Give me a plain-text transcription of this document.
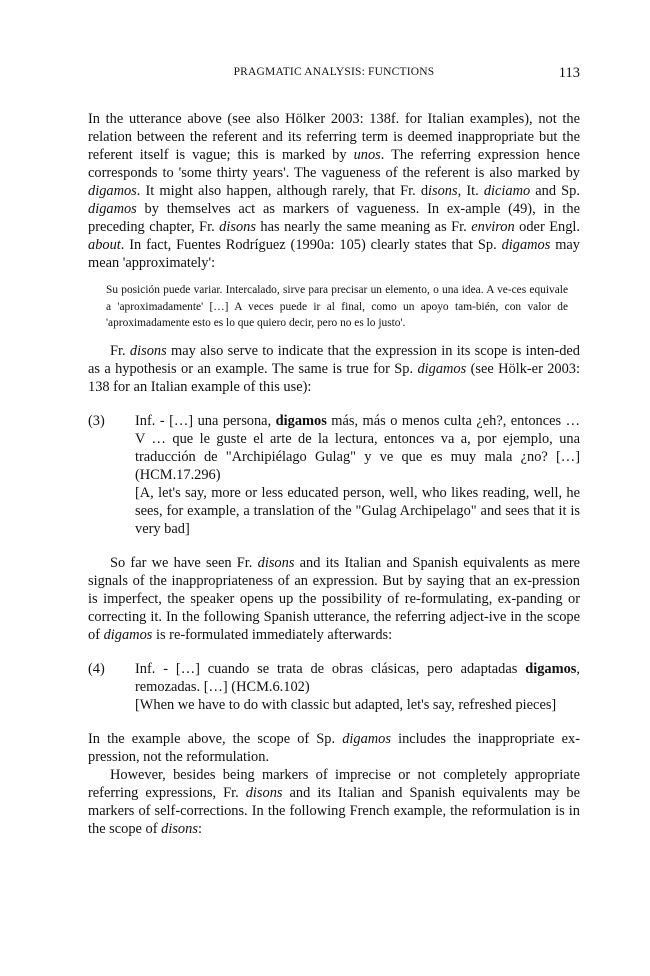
PRAGMATIC ANALYSIS: FUNCTIONS	113

In the utterance above (see also Hölker 2003: 138f. for Italian examples), not the relation between the referent and its referring term is deemed inappropriate but the referent itself is vague; this is marked by unos. The referring expression hence corresponds to 'some thirty years'. The vagueness of the referent is also marked by digamos. It might also happen, although rarely, that Fr. disons, It. diciamo and Sp. digamos by themselves act as markers of vagueness. In ex-ample (49), in the preceding chapter, Fr. disons has nearly the same meaning as Fr. environ oder Engl. about. In fact, Fuentes Rodríguez (1990a: 105) clearly states that Sp. digamos may mean 'approximately':

Su posición puede variar. Intercalado, sirve para precisar un elemento, o una idea. A ve-ces equivale a 'aproximadamente' […] A veces puede ir al final, como un apoyo tam-bién, con valor de 'aproximadamente esto es lo que quiero decir, pero no es lo justo'.

Fr. disons may also serve to indicate that the expression in its scope is inten-ded as a hypothesis or an example. The same is true for Sp. digamos (see Hölk-er 2003: 138 for an Italian example of this use):

(3)	Inf. - […] una persona, digamos más, más o menos culta ¿eh?, entonces … V … que le guste el arte de la lectura, entonces va a, por ejemplo, una traducción de "Archipiélago Gulag" y ve que es muy mala ¿no? […] (HCM.17.296)
[A, let's say, more or less educated person, well, who likes reading, well, he sees, for example, a translation of the "Gulag Archipelago" and sees that it is very bad]

So far we have seen Fr. disons and its Italian and Spanish equivalents as mere signals of the inappropriateness of an expression. But by saying that an ex-pression is imperfect, the speaker opens up the possibility of re-formulating, ex-panding or correcting it. In the following Spanish utterance, the referring adject-ive in the scope of digamos is re-formulated immediately afterwards:

(4)	Inf. - […] cuando se trata de obras clásicas, pero adaptadas digamos, remozadas. […] (HCM.6.102)
[When we have to do with classic but adapted, let's say, refreshed pieces]

In the example above, the scope of Sp. digamos includes the inappropriate ex-pression, not the reformulation.

However, besides being markers of imprecise or not completely appropriate referring expressions, Fr. disons and its Italian and Spanish equivalents may be markers of self-corrections. In the following French example, the reformulation is in the scope of disons:
